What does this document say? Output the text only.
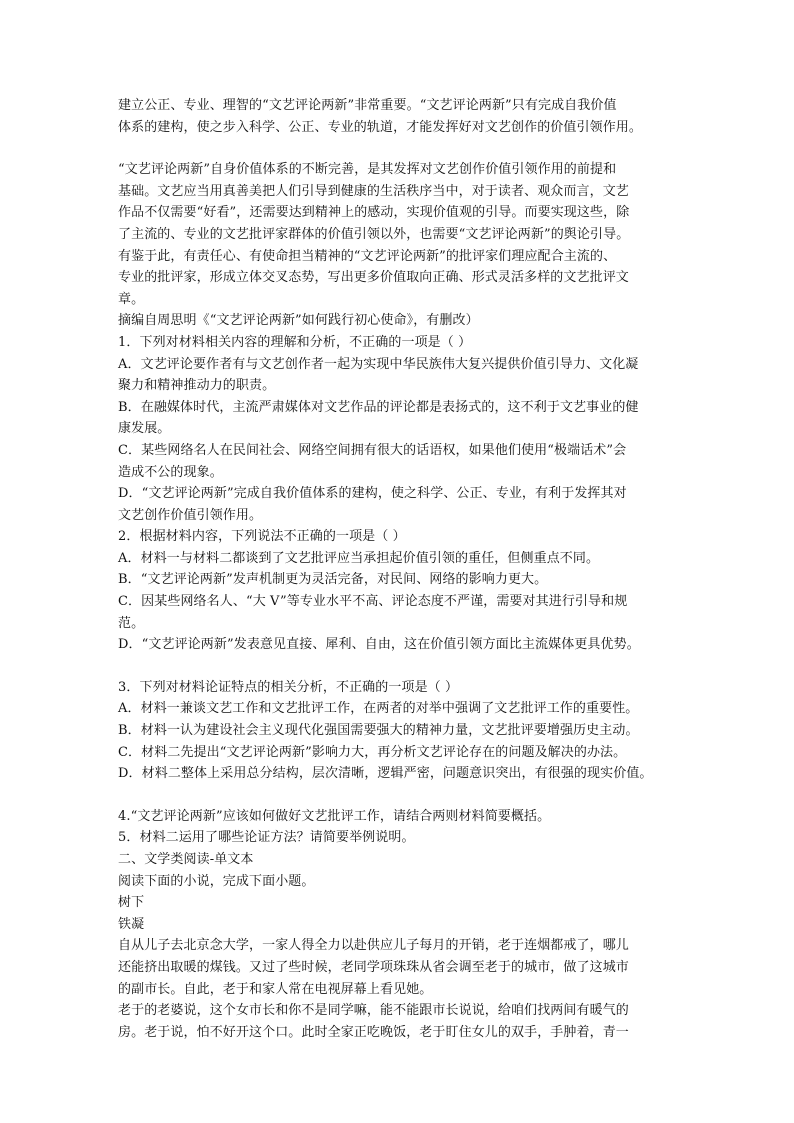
建立公正、专业、理智的“文艺评论两新”非常重要。“文艺评论两新”只有完成自我价值
体系的建构，使之步入科学、公正、专业的轨道，才能发挥好对文艺创作的价值引领作用。
“文艺评论两新”自身价值体系的不断完善，是其发挥对文艺创作价值引领作用的前提和
基础。文艺应当用真善美把人们引导到健康的生活秩序当中，对于读者、观众而言，文艺
作品不仅需要“好看”，还需要达到精神上的感动，实现价值观的引导。而要实现这些，除
了主流的、专业的文艺批评家群体的价值引领以外，也需要“文艺评论两新”的舆论引导。
有鉴于此，有责任心、有使命担当精神的“文艺评论两新”的批评家们理应配合主流的、
专业的批评家，形成立体交叉态势，写出更多价值取向正确、形式灵活多样的文艺批评文
章。
摘编自周思明《“文艺评论两新”如何践行初心使命》，有删改）
1．下列对材料相关内容的理解和分析，不正确的一项是（ ）
A．文艺评论要作者有与文艺创作者一起为实现中华民族伟大复兴提供价值引导力、文化凝
聚力和精神推动力的职责。
B．在融媒体时代，主流严肃媒体对文艺作品的评论都是表扬式的，这不利于文艺事业的健
康发展。
C．某些网络名人在民间社会、网络空间拥有很大的话语权，如果他们使用“极端话术”会
造成不公的现象。
D．“文艺评论两新”完成自我价值体系的建构，使之科学、公正、专业，有利于发挥其对
文艺创作价值引领作用。
2．根据材料内容，下列说法不正确的一项是（ ）
A．材料一与材料二都谈到了文艺批评应当承担起价值引领的重任，但侧重点不同。
B．“文艺评论两新”发声机制更为灵活完备，对民间、网络的影响力更大。
C．因某些网络名人、“大 V”等专业水平不高、评论态度不严谨，需要对其进行引导和规
范。
D．“文艺评论两新”发表意见直接、犀利、自由，这在价值引领方面比主流媒体更具优势。
3．下列对材料论证特点的相关分析，不正确的一项是（ ）
A．材料一兼谈文艺工作和文艺批评工作，在两者的对举中强调了文艺批评工作的重要性。
B．材料一认为建设社会主义现代化强国需要强大的精神力量，文艺批评要增强历史主动。
C．材料二先提出“文艺评论两新”影响力大，再分析文艺评论存在的问题及解决的办法。
D．材料二整体上采用总分结构，层次清晰，逻辑严密，问题意识突出，有很强的现实价值。
4.“文艺评论两新”应该如何做好文艺批评工作，请结合两则材料简要概括。
5．材料二运用了哪些论证方法？请简要举例说明。
二、文学类阅读-单文本
阅读下面的小说，完成下面小题。
树下
铁凝
自从儿子去北京念大学，一家人得全力以赴供应儿子每月的开销，老于连烟都戒了，哪儿
还能挤出取暖的煤钱。又过了些时候，老同学项珠珠从省会调至老于的城市，做了这城市
的副市长。自此，老于和家人常在电视屏幕上看见她。
老于的老婆说，这个女市长和你不是同学嘛，能不能跟市长说说，给咱们找两间有暖气的
房。老于说，怕不好开这个口。此时全家正吃晚饭，老于盯住女儿的双手，手肿着，青一
